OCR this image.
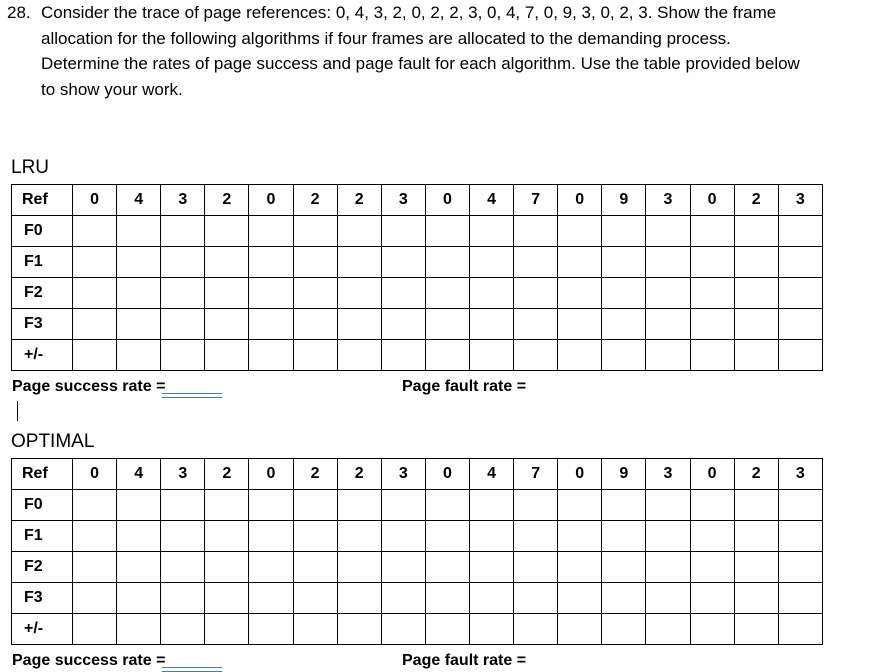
28. Consider the trace of page references: 0, 4, 3, 2, 0, 2, 2, 3, 0, 4, 7, 0, 9, 3, 0, 2, 3. Show the frame
allocation for the following algorithms if four frames are allocated to the demanding process.
Determine the rates of page success and page fault for each algorithm. Use the table provided below
to show your work.
LRU
Ref	0	4	3	2	0	2	2	3	0	4	7	0	9	3	0	2	3
F0																	
F1																	
F2																	
F3																	
+/-																	
Page success rate =	Page fault rate =
OPTIMAL
Ref	0	4	3	2	0	2	2	3	0	4	7	0	9	3	0	2	3
F0																	
F1																	
F2																	
F3																	
+/-																	
Page success rate =	Page fault rate =
